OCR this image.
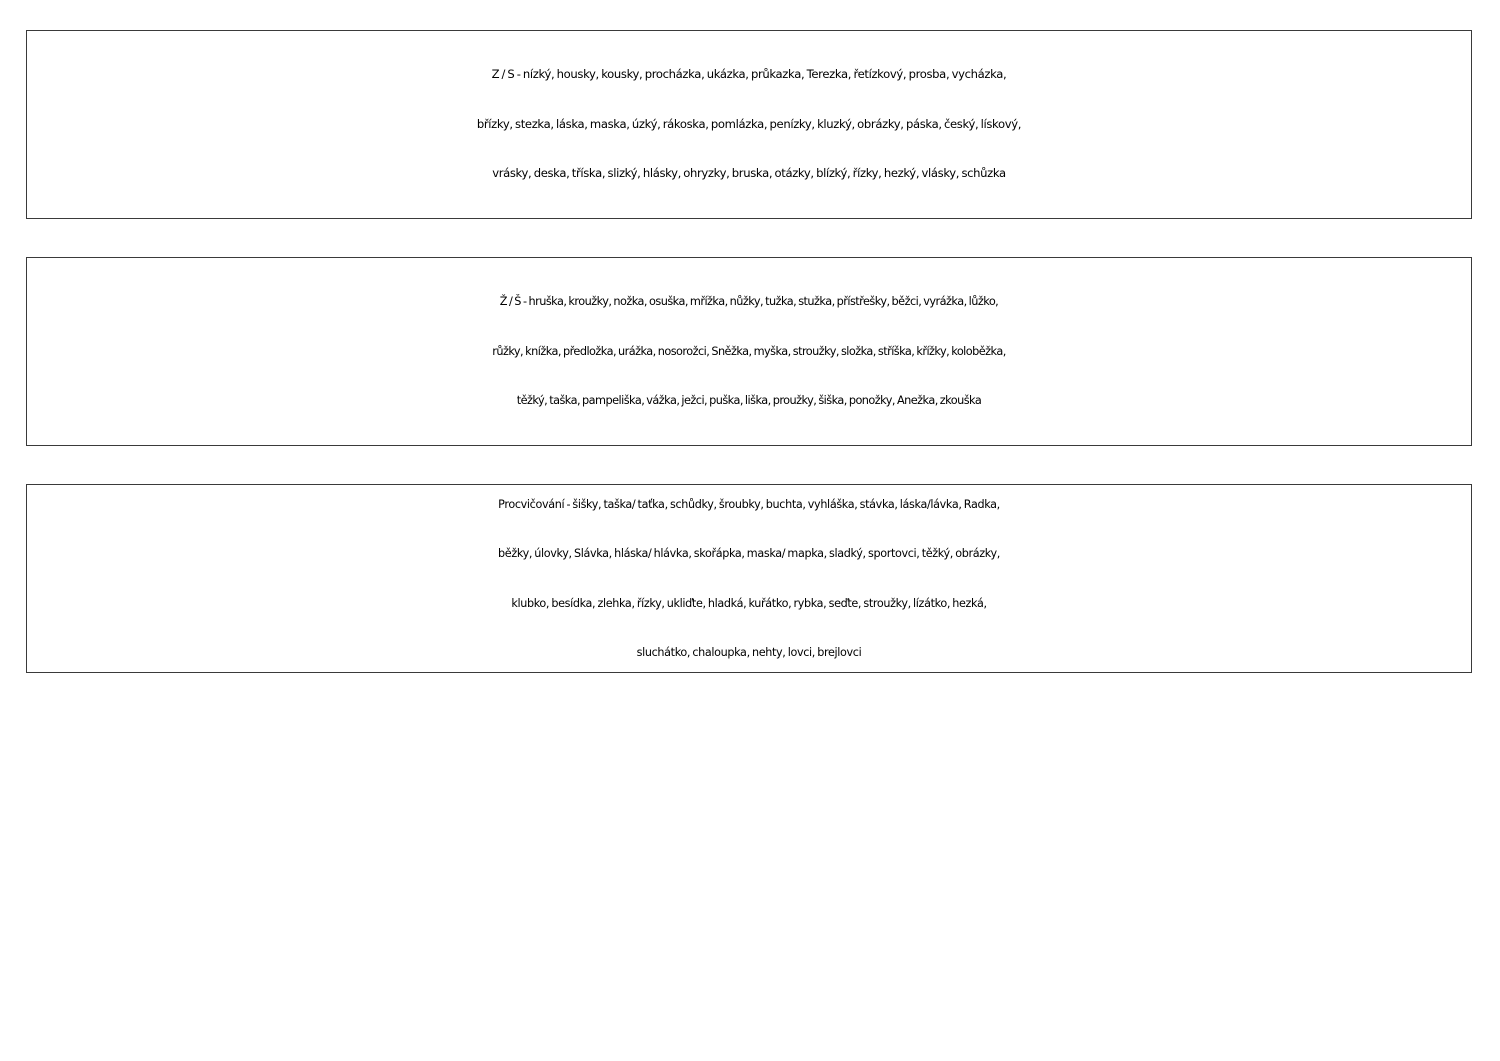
Z / S - nízký, housky, kousky, procházka, ukázka, průkazka, Terezka, řetízkový, prosba, vycházka,
břízky, stezka, láska, maska, úzký, rákoska, pomlázka, penízky, kluzký, obrázky, páska, český, lískový,
vrásky, deska, tříska, slizký, hlásky, ohryzky, bruska, otázky, blízký, řízky, hezký, vlásky, schůzka

Ž / Š - hruška, kroužky, nožka, osuška, mřížka, nůžky, tužka, stužka, přístřešky, běžci, vyrážka, lůžko,
růžky, knížka, předložka, urážka, nosorožci, Sněžka, myška, stroužky, složka, stříška, křížky, koloběžka,
těžký, taška, pampeliška, vážka, ježci, puška, liška, proužky, šiška, ponožky, Anežka, zkouška

Procvičování - šišky, taška/ taťka, schůdky, šroubky, buchta, vyhláška, stávka, láska/lávka, Radka,
běžky, úlovky, Slávka, hláska/ hlávka, skořápka, maska/ mapka, sladký, sportovci, těžký, obrázky,
klubko, besídka, zlehka, řízky, ukliďte, hladká, kuřátko, rybka, seďte, stroužky, lízátko, hezká,
sluchátko, chaloupka, nehty, lovci, brejlovci
